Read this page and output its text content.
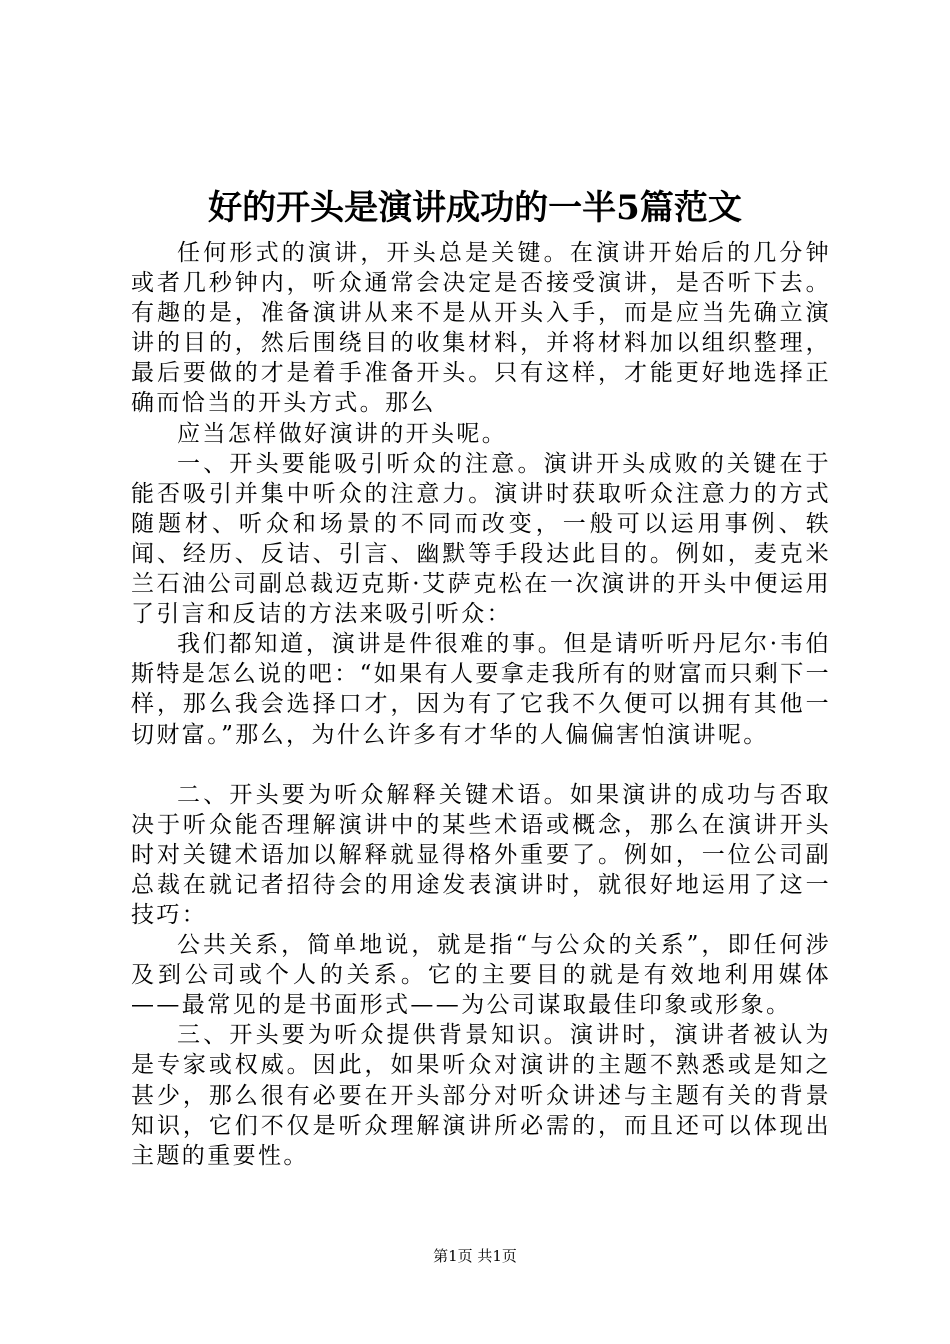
好的开头是演讲成功的一半5篇范文

任何形式的演讲，开头总是关键。在演讲开始后的几分钟或者几秒钟内，听众通常会决定是否接受演讲，是否听下去。有趣的是，准备演讲从来不是从开头入手，而是应当先确立演讲的目的，然后围绕目的收集材料，并将材料加以组织整理，最后要做的才是着手准备开头。只有这样，才能更好地选择正确而恰当的开头方式。那么

应当怎样做好演讲的开头呢。

一、开头要能吸引听众的注意。演讲开头成败的关键在于能否吸引并集中听众的注意力。演讲时获取听众注意力的方式随题材、听众和场景的不同而改变，一般可以运用事例、轶闻、经历、反诘、引言、幽默等手段达此目的。例如，麦克米兰石油公司副总裁迈克斯·艾萨克松在一次演讲的开头中便运用了引言和反诘的方法来吸引听众：

我们都知道，演讲是件很难的事。但是请听听丹尼尔·韦伯斯特是怎么说的吧：“如果有人要拿走我所有的财富而只剩下一样，那么我会选择口才，因为有了它我不久便可以拥有其他一切财富。”那么，为什么许多有才华的人偏偏害怕演讲呢。

二、开头要为听众解释关键术语。如果演讲的成功与否取决于听众能否理解演讲中的某些术语或概念，那么在演讲开头时对关键术语加以解释就显得格外重要了。例如，一位公司副总裁在就记者招待会的用途发表演讲时，就很好地运用了这一技巧：

公共关系，简单地说，就是指“与公众的关系”，即任何涉及到公司或个人的关系。它的主要目的就是有效地利用媒体——最常见的是书面形式——为公司谋取最佳印象或形象。

三、开头要为听众提供背景知识。演讲时，演讲者被认为是专家或权威。因此，如果听众对演讲的主题不熟悉或是知之甚少，那么很有必要在开头部分对听众讲述与主题有关的背景知识，它们不仅是听众理解演讲所必需的，而且还可以体现出主题的重要性。

第1页 共1页
